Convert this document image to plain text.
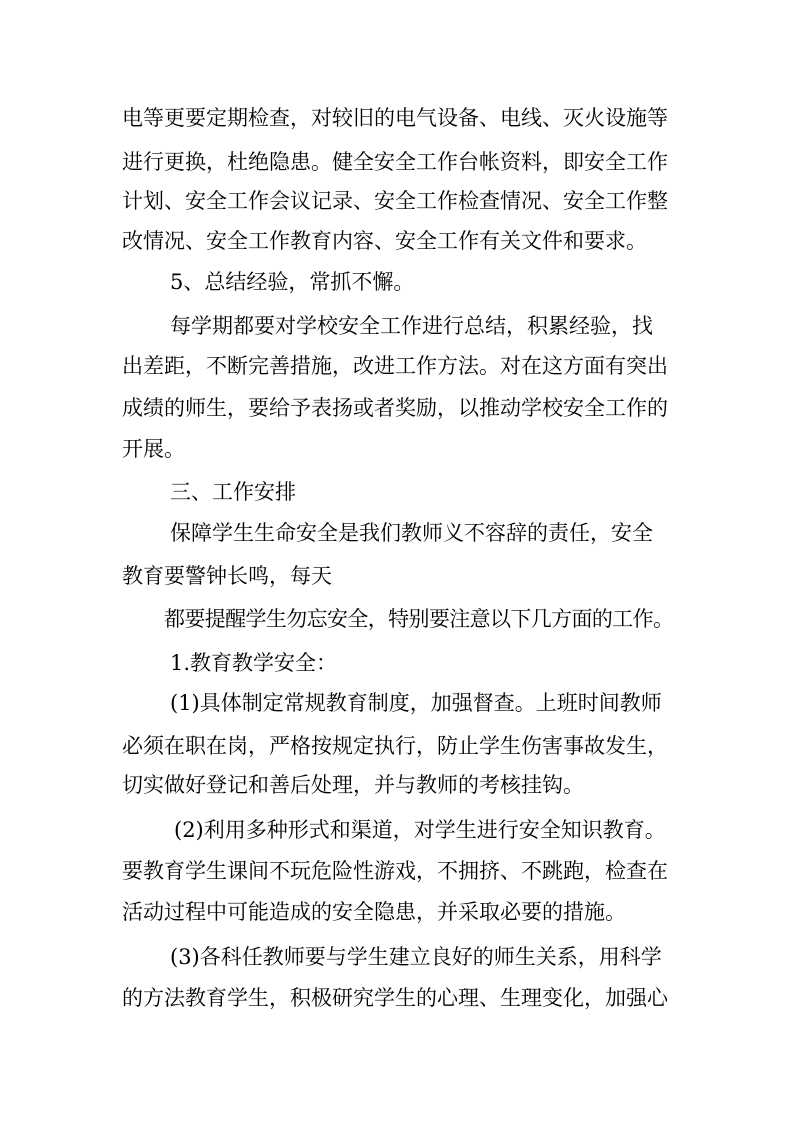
电等更要定期检查，对较旧的电气设备、电线、灭火设施等
进行更换，杜绝隐患。健全安全工作台帐资料，即安全工作
计划、安全工作会议记录、安全工作检查情况、安全工作整
改情况、安全工作教育内容、安全工作有关文件和要求。
5、总结经验，常抓不懈。
每学期都要对学校安全工作进行总结，积累经验，找
出差距，不断完善措施，改进工作方法。对在这方面有突出
成绩的师生，要给予表扬或者奖励，以推动学校安全工作的
开展。
三、工作安排
保障学生生命安全是我们教师义不容辞的责任，安全
教育要警钟长鸣，每天
都要提醒学生勿忘安全，特别要注意以下几方面的工作。
1.教育教学安全：
(1)具体制定常规教育制度，加强督查。上班时间教师
必须在职在岗，严格按规定执行，防止学生伤害事故发生，
切实做好登记和善后处理，并与教师的考核挂钩。
(2)利用多种形式和渠道，对学生进行安全知识教育。
要教育学生课间不玩危险性游戏，不拥挤、不跳跑，检查在
活动过程中可能造成的安全隐患，并采取必要的措施。
(3)各科任教师要与学生建立良好的师生关系，用科学
的方法教育学生，积极研究学生的心理、生理变化，加强心
